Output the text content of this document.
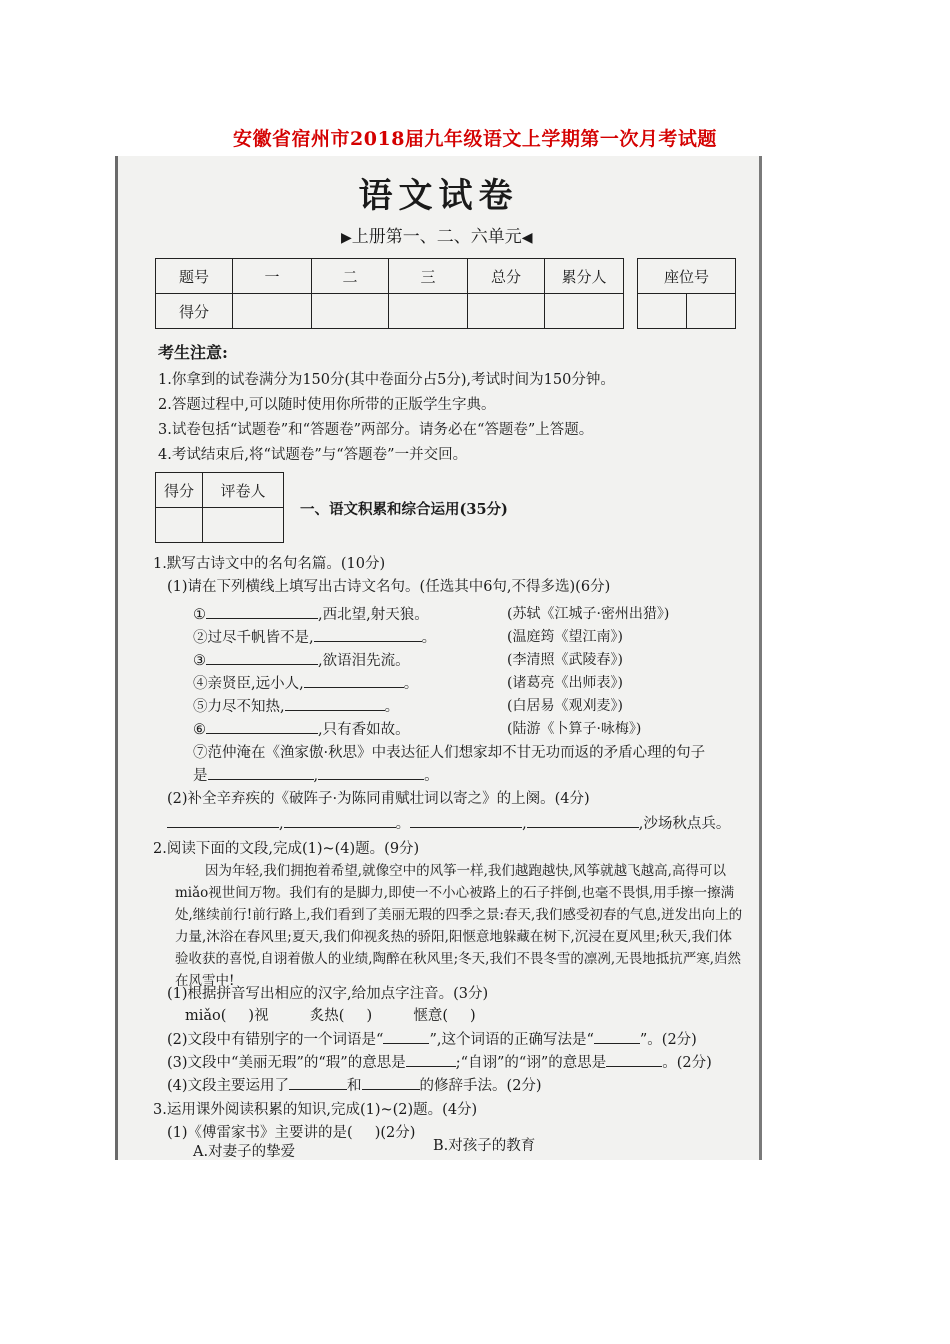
安徽省宿州市2018届九年级语文上学期第一次月考试题
语文试卷
▶上册第一、二、六单元◀
题号	一	二	三	总分	累分人
得分					
座位号

考生注意:
1.你拿到的试卷满分为150分(其中卷面分占5分),考试时间为150分钟。
2.答题过程中,可以随时使用你所带的正版学生字典。
3.试卷包括“试题卷”和“答题卷”两部分。请务必在“答题卷”上答题。
4.考试结束后,将“试题卷”与“答题卷”一并交回。
得分	评卷人

一、语文积累和综合运用(35分)
1.默写古诗文中的名句名篇。(10分)
(1)请在下列横线上填写出古诗文名句。(任选其中6句,不得多选)(6分)
①	,西北望,射天狼。	(苏轼《江城子·密州出猎》)
②过尽千帆皆不是,	。	(温庭筠《望江南》)
③	,欲语泪先流。	(李清照《武陵春》)
④亲贤臣,远小人,	。	(诸葛亮《出师表》)
⑤力尽不知热,	。	(白居易《观刈麦》)
⑥	,只有香如故。	(陆游《卜算子·咏梅》)
⑦范仲淹在《渔家傲·秋思》中表达征人们想家却不甘无功而返的矛盾心理的句子
是	,	。
(2)补全辛弃疾的《破阵子·为陈同甫赋壮词以寄之》的上阕。(4分)
,	。	,	,沙场秋点兵。
2.阅读下面的文段,完成(1)~(4)题。(9分)
因为年轻,我们拥抱着希望,就像空中的风筝一样,我们越跑越快,风筝就越飞越高,高得可以miǎo视世间万物。我们有的是脚力,即使一不小心被路上的石子拌倒,也毫不畏惧,用手擦一擦满处,继续前行!前行路上,我们看到了美丽无瑕的四季之景:春天,我们感受初春的气息,迸发出向上的力量,沐浴在春风里;夏天,我们仰视炙热的骄阳,阳惬意地躲藏在树下,沉浸在夏风里;秋天,我们体验收获的喜悦,自诩着傲人的业绩,陶醉在秋风里;冬天,我们不畏冬雪的凛冽,无畏地抵抗严寒,岿然在风雪中!
(1)根据拼音写出相应的汉字,给加点字注音。(3分)
miǎo( )视	炙热( )	惬意( )
(2)文段中有错别字的一个词语是“	”,这个词语的正确写法是“	”。(2分)
(3)文段中“美丽无瑕”的“瑕”的意思是	;“自诩”的“诩”的意思是	。(2分)
(4)文段主要运用了	和	的修辞手法。(2分)
3.运用课外阅读积累的知识,完成(1)~(2)题。(4分)
(1)《傅雷家书》主要讲的是( )(2分)
A.对妻子的挚爱	B.对孩子的教育
